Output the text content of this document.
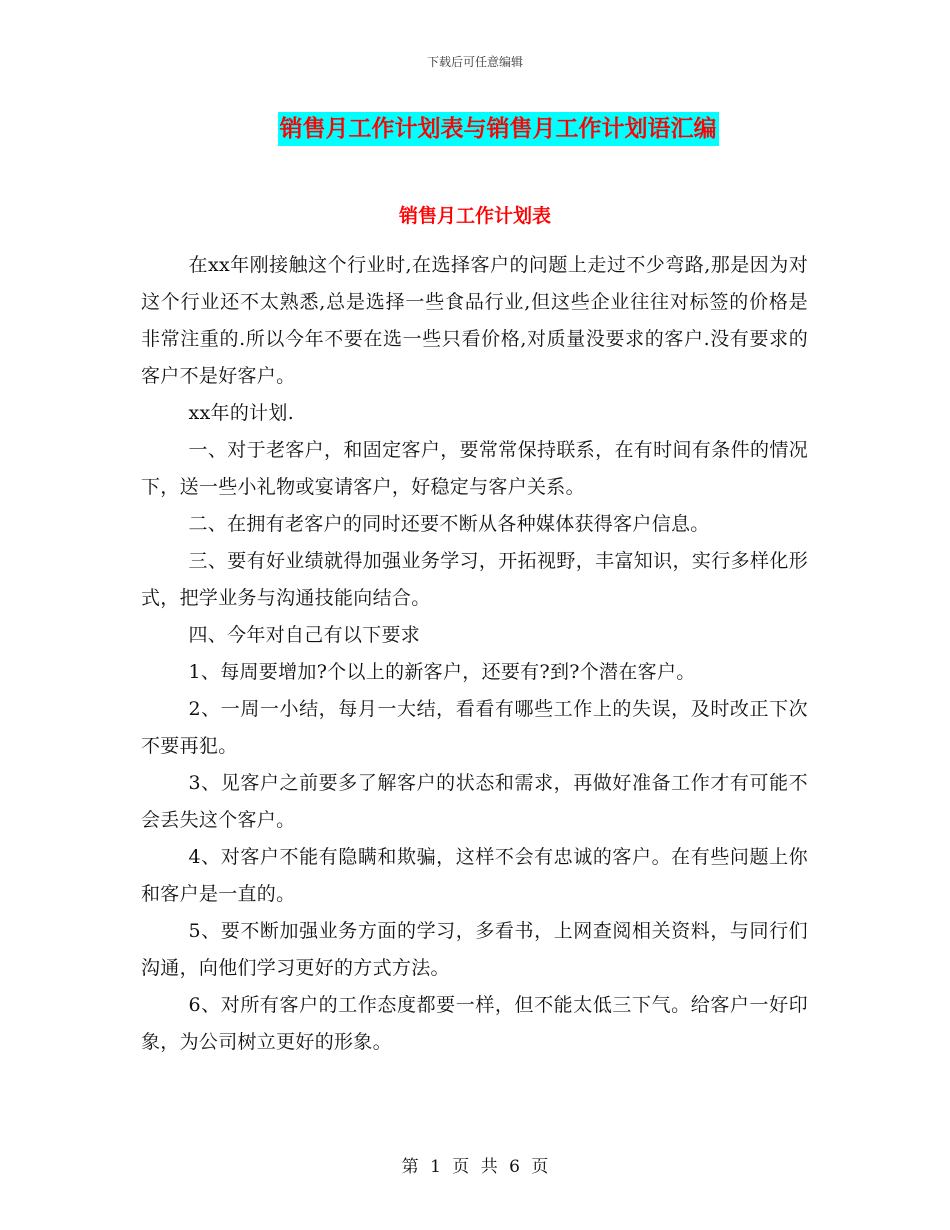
下载后可任意编辑
销售月工作计划表与销售月工作计划语汇编
销售月工作计划表

在xx年刚接触这个行业时,在选择客户的问题上走过不少弯路,那是因为对这个行业还不太熟悉,总是选择一些食品行业,但这些企业往往对标签的价格是非常注重的.所以今年不要在选一些只看价格,对质量没要求的客户.没有要求的客户不是好客户。

xx年的计划.

一、对于老客户，和固定客户，要常常保持联系，在有时间有条件的情况下，送一些小礼物或宴请客户，好稳定与客户关系。

二、在拥有老客户的同时还要不断从各种媒体获得客户信息。

三、要有好业绩就得加强业务学习，开拓视野，丰富知识，实行多样化形式，把学业务与沟通技能向结合。

四、今年对自己有以下要求

1、每周要增加?个以上的新客户，还要有?到?个潜在客户。

2、一周一小结，每月一大结，看看有哪些工作上的失误，及时改正下次不要再犯。

3、见客户之前要多了解客户的状态和需求，再做好准备工作才有可能不会丢失这个客户。

4、对客户不能有隐瞒和欺骗，这样不会有忠诚的客户。在有些问题上你和客户是一直的。

5、要不断加强业务方面的学习，多看书，上网查阅相关资料，与同行们沟通，向他们学习更好的方式方法。

6、对所有客户的工作态度都要一样，但不能太低三下气。给客户一好印象，为公司树立更好的形象。

第 1 页 共 6 页
